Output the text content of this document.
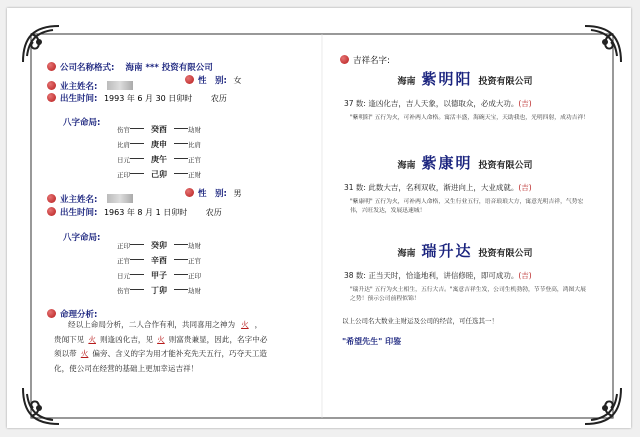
公司名称格式: 海南 *** 投资有限公司
业主姓名:
性　别: 女
出生时间: 1993 年 6 月 30 日卯时 农历
八字命局:
伤官	癸酉	劫财
比肩	庚申	比肩
日元	庚午	正官
正印	己卯	正财
业主姓名:
性　别: 男
出生时间: 1963 年 8 月 1 日卯时 农历
八字命局:
正印	癸卯	劫财
正官	辛酉	正官
日元	甲子	正印
伤官	丁卯	劫财
命理分析:
经以上命局分析，二人合作有利，共同喜用之神为 火 ，
贵闻下见 火 则逢凶化吉，见 火 则富贵兼显，因此，名字中必
须以带 火 偏旁、含义的字为用才能补充先天五行，巧夺天工造
化，使公司在经营的基础上更加幸运吉祥！
吉祥名字:
海南 紫明阳 投资有限公司
37 数: 逢凶化吉，吉人天象，以德取众，必成大功。(吉)
"紫明阳" 五行为火，可补两人命格。寓活丰盛，海碗天宝，天助我也，光明四射，成功吉祥！
海南 紫康明 投资有限公司
31 数: 此数大吉，名利双收，渐进向上，大业成就。(吉)
"紫康明" 五行为火，可补两人命格，又生行业五行，语音琅琅大方，寓意光明吉祥，气势宏伟，兴旺发达，发展迅速城！
海南 瑞升达 投资有限公司
38 数: 正当天时，恰逢地利，讲信修睦，即可成功。(吉)
"瑞升达" 五行为火土相生，五行大吉。"寓意吉祥生发，公司生机勃勃，节节登高，鸿图大展之势！预示公司前程似锦！
以上公司名大数业主财运及公司的经营，可任选其一！
"希望先生" 印鉴
